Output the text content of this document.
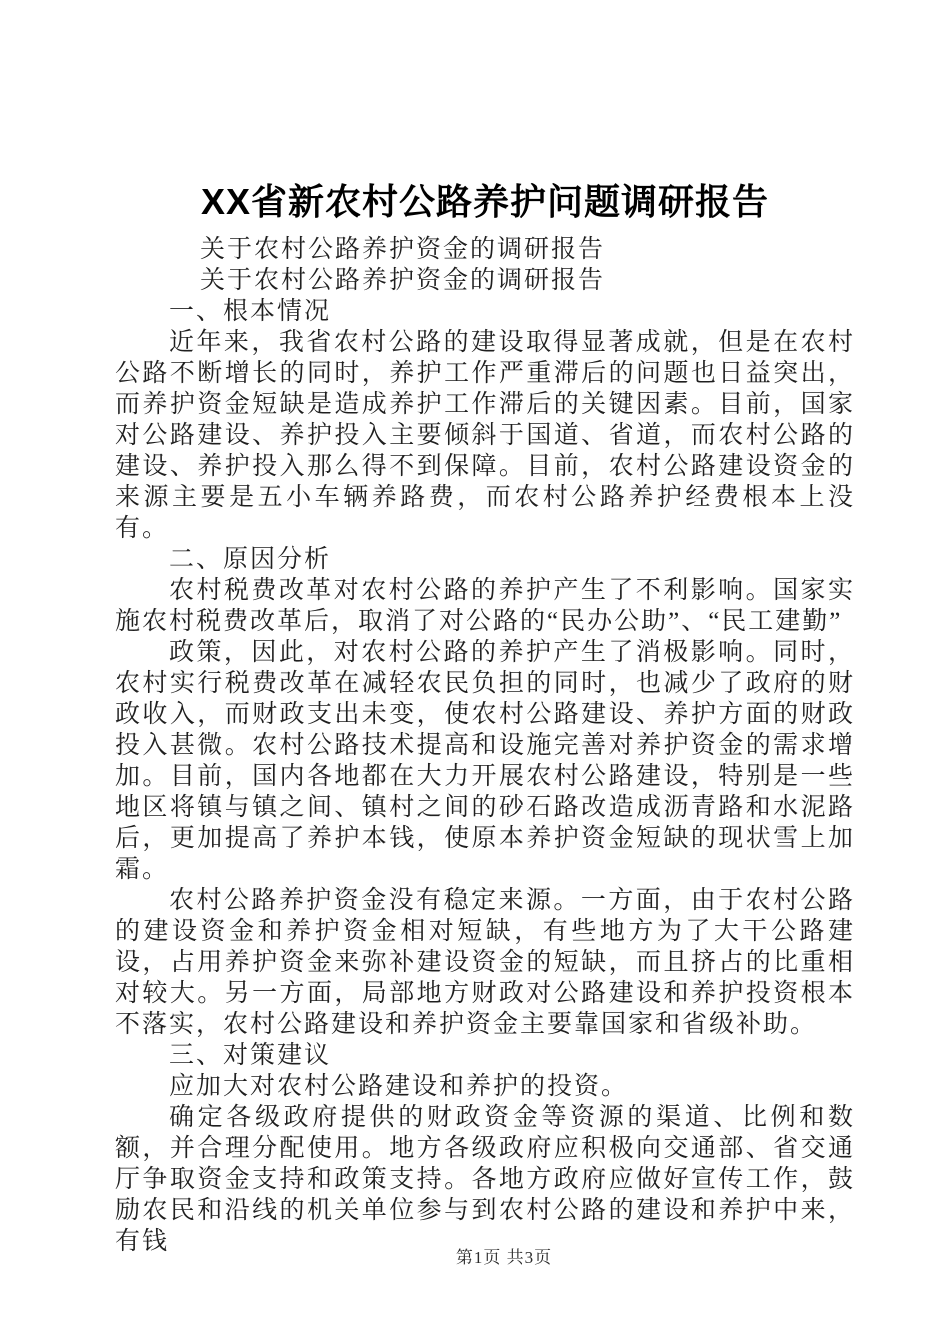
XX省新农村公路养护问题调研报告

关于农村公路养护资金的调研报告

关于农村公路养护资金的调研报告

一、根本情况

近年来，我省农村公路的建设取得显著成就，但是在农村公路不断增长的同时，养护工作严重滞后的问题也日益突出，而养护资金短缺是造成养护工作滞后的关键因素。目前，国家对公路建设、养护投入主要倾斜于国道、省道，而农村公路的建设、养护投入那么得不到保障。目前，农村公路建设资金的来源主要是五小车辆养路费，而农村公路养护经费根本上没有。

二、原因分析

农村税费改革对农村公路的养护产生了不利影响。国家实施农村税费改革后，取消了对公路的“民办公助”、“民工建勤”

政策，因此，对农村公路的养护产生了消极影响。同时，农村实行税费改革在减轻农民负担的同时，也减少了政府的财政收入，而财政支出未变，使农村公路建设、养护方面的财政投入甚微。农村公路技术提高和设施完善对养护资金的需求增加。目前，国内各地都在大力开展农村公路建设，特别是一些地区将镇与镇之间、镇村之间的砂石路改造成沥青路和水泥路后，更加提高了养护本钱，使原本养护资金短缺的现状雪上加霜。

农村公路养护资金没有稳定来源。一方面，由于农村公路的建设资金和养护资金相对短缺，有些地方为了大干公路建设，占用养护资金来弥补建设资金的短缺，而且挤占的比重相对较大。另一方面，局部地方财政对公路建设和养护投资根本不落实，农村公路建设和养护资金主要靠国家和省级补助。

三、对策建议

应加大对农村公路建设和养护的投资。

确定各级政府提供的财政资金等资源的渠道、比例和数额，并合理分配使用。地方各级政府应积极向交通部、省交通厅争取资金支持和政策支持。各地方政府应做好宣传工作，鼓励农民和沿线的机关单位参与到农村公路的建设和养护中来，有钱

第1页 共3页
